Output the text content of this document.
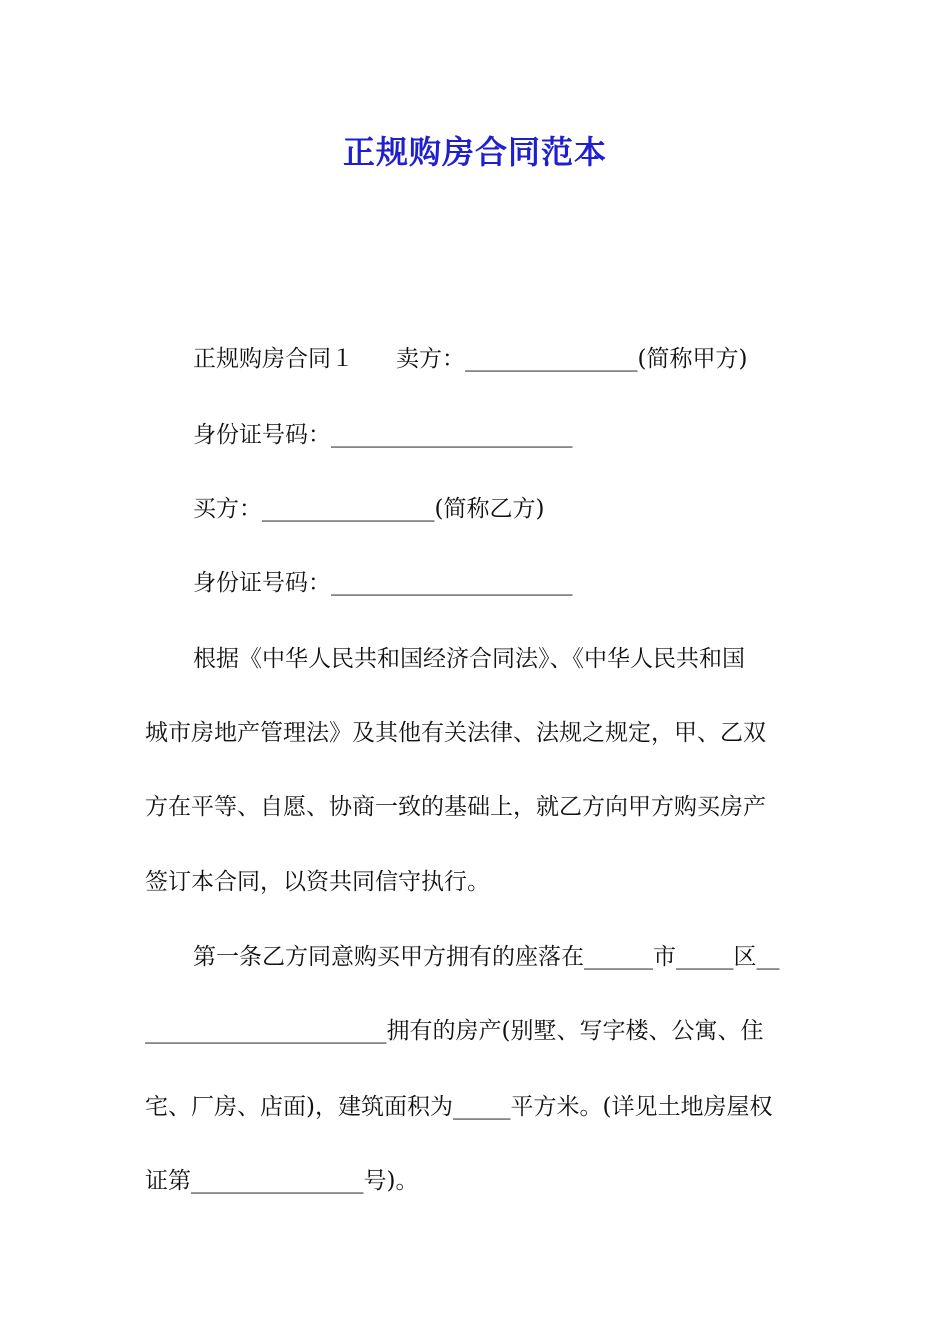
正规购房合同范本
正规购房合同１ 卖方：_______________(简称甲方)
身份证号码：_____________________
买方：_______________(简称乙方)
身份证号码：_____________________
根据《中华人民共和国经济合同法》、《中华人民共和国
城市房地产管理法》及其他有关法律、法规之规定，甲、乙双
方在平等、自愿、协商一致的基础上，就乙方向甲方购买房产
签订本合同，以资共同信守执行。
第一条乙方同意购买甲方拥有的座落在______市_____区__
_____________________拥有的房产(别墅、写字楼、公寓、住
宅、厂房、店面)，建筑面积为_____平方米。(详见土地房屋权
证第_______________号)。
